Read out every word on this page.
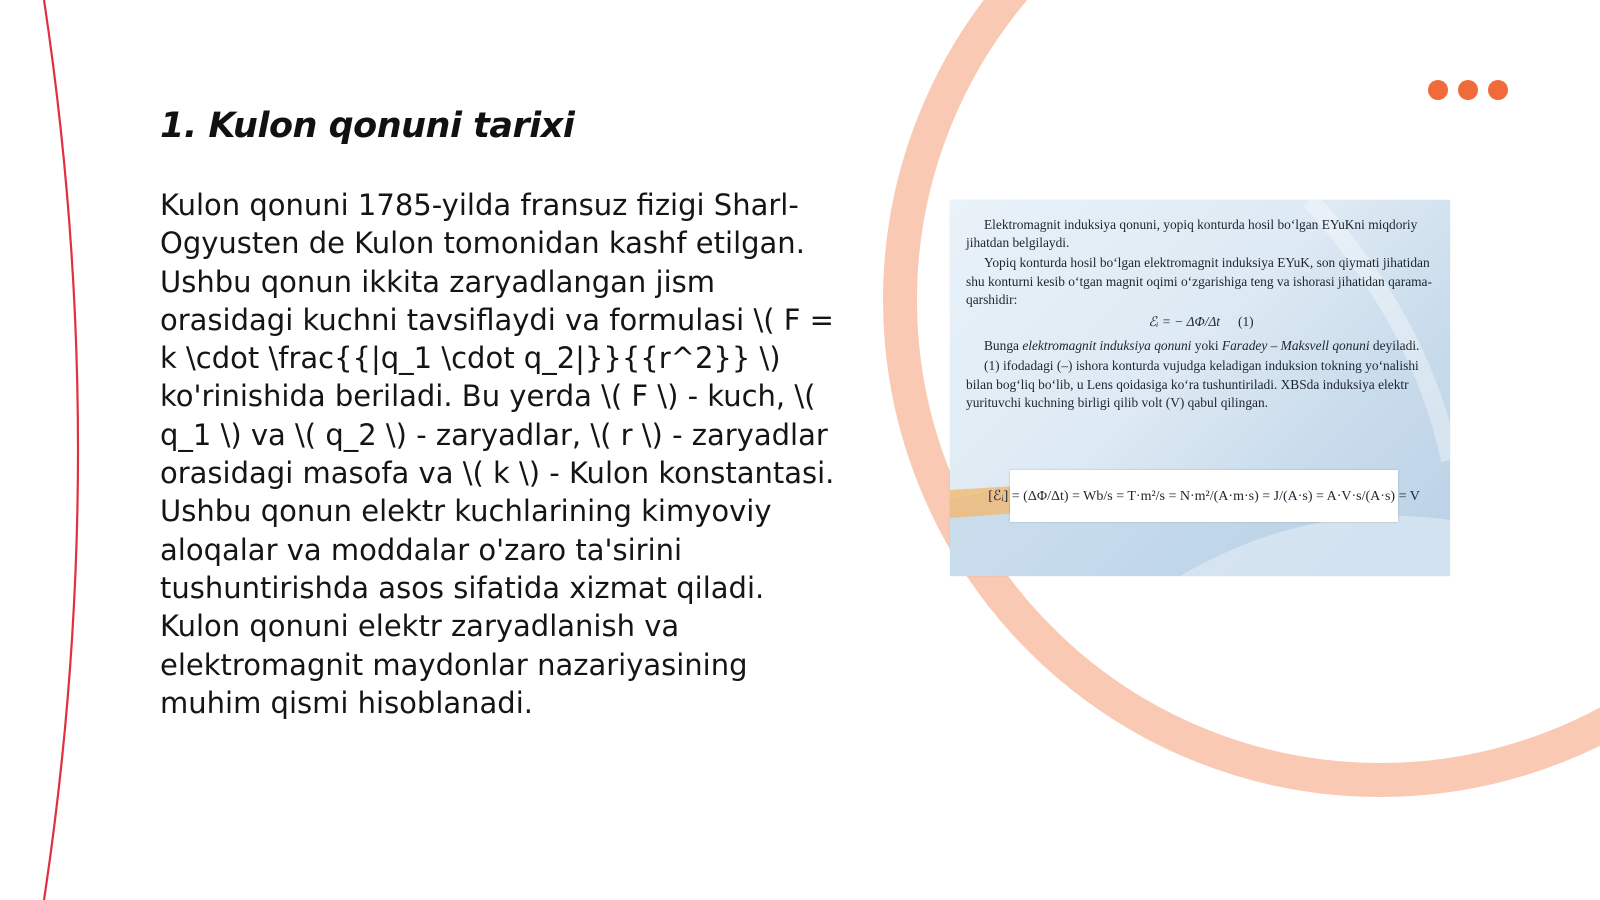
1. Kulon qonuni tarixi

Kulon qonuni 1785-yilda fransuz fizigi Sharl-Ogyusten de Kulon tomonidan kashf etilgan. Ushbu qonun ikkita zaryadlangan jism orasidagi kuchni tavsiflaydi va formulasi \( F = k \cdot \frac{{|q_1 \cdot q_2|}}{{r^2}} \) ko'rinishida beriladi. Bu yerda \( F \) - kuch, \( q_1 \) va \( q_2 \) - zaryadlar, \( r \) - zaryadlar orasidagi masofa va \( k \) - Kulon konstantasi. Ushbu qonun elektr kuchlarining kimyoviy aloqalar va moddalar o'zaro ta'sirini tushuntirishda asos sifatida xizmat qiladi. Kulon qonuni elektr zaryadlanish va elektromagnit maydonlar nazariyasining muhim qismi hisoblanadi.

Elektromagnit induksiya qonuni, yopiq konturda hosil bo‘lgan EYuKni miqdoriy jihatdan belgilaydi.

Yopiq konturda hosil bo‘lgan elektromagnit induksiya EYuK, son qiymati jihatidan shu konturni kesib o‘tgan magnit oqimi o‘zgarishiga teng va ishorasi jihatidan qarama-qarshidir:

ℰᵢ = − ΔΦ/Δt (1)

Bunga elektromagnit induksiya qonuni yoki Faradey – Maksvell qonuni deyiladi.

(1) ifodadagi (–) ishora konturda vujudga keladigan induksion tokning yo‘nalishi bilan bog‘liq bo‘lib, u Lens qoidasiga ko‘ra tushuntiriladi. XBSda induksiya elektr yurituvchi kuchning birligi qilib volt (V) qabul qilingan.

[ℰᵢ] = (ΔΦ/Δt) = Wb/s = T·m²/s = N·m²/(A·m·s) = J/(A·s) = A·V·s/(A·s) = V
